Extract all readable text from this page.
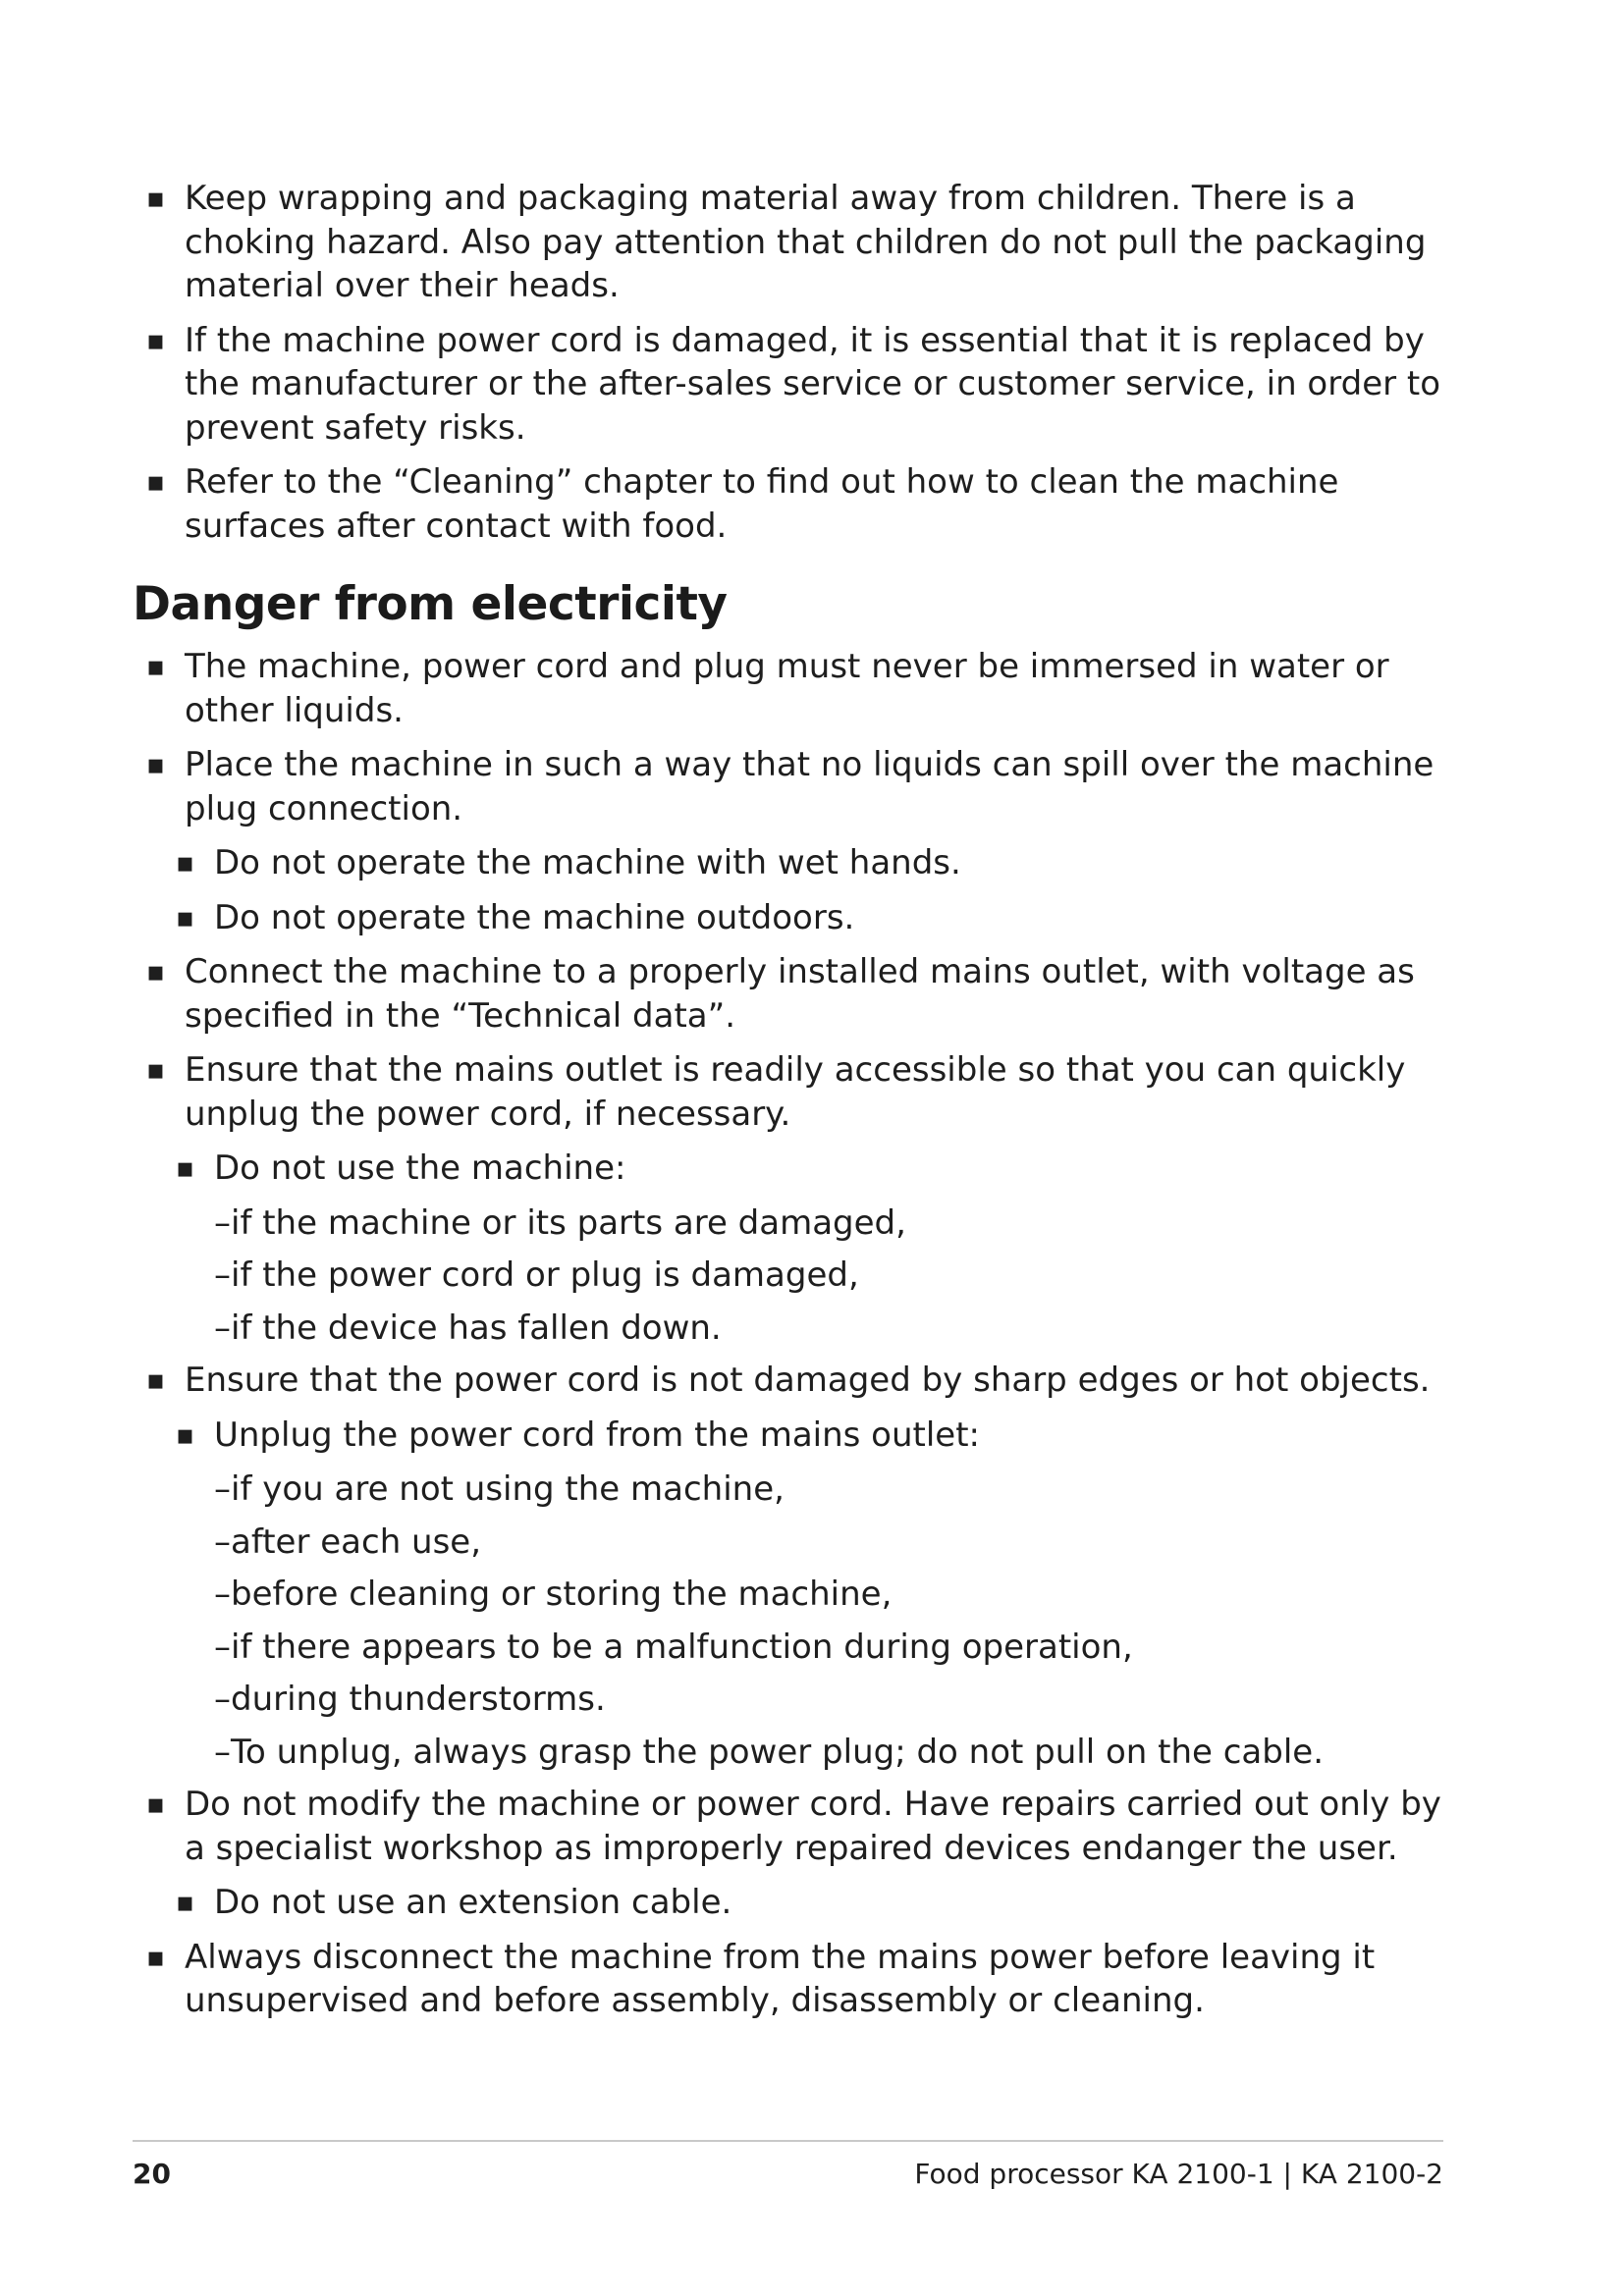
▪ Keep wrapping and packaging material away from children. There is a choking hazard. Also pay attention that children do not pull the packaging material over their heads.
▪ If the machine power cord is damaged, it is essential that it is replaced by the manufacturer or the after-sales service or customer service, in order to prevent safety risks.
▪ Refer to the “Cleaning” chapter to find out how to clean the machine surfaces after contact with food.
Danger from electricity
▪ The machine, power cord and plug must never be immersed in water or other liquids.
▪ Place the machine in such a way that no liquids can spill over the machine plug connection.
▪ Do not operate the machine with wet hands.
▪ Do not operate the machine outdoors.
▪ Connect the machine to a properly installed mains outlet, with voltage as specified in the “Technical data”.
▪ Ensure that the mains outlet is readily accessible so that you can quickly unplug the power cord, if necessary.
▪ Do not use the machine:
–if the machine or its parts are damaged,
–if the power cord or plug is damaged,
–if the device has fallen down.
▪ Ensure that the power cord is not damaged by sharp edges or hot objects.
▪ Unplug the power cord from the mains outlet:
–if you are not using the machine,
–after each use,
–before cleaning or storing the machine,
–if there appears to be a malfunction during operation,
–during thunderstorms.
–To unplug, always grasp the power plug; do not pull on the cable.
▪ Do not modify the machine or power cord. Have repairs carried out only by a specialist workshop as improperly repaired devices endanger the user.
▪ Do not use an extension cable.
▪ Always disconnect the machine from the mains power before leaving it unsupervised and before assembly, disassembly or cleaning.
20	Food processor KA 2100-1 | KA 2100-2
